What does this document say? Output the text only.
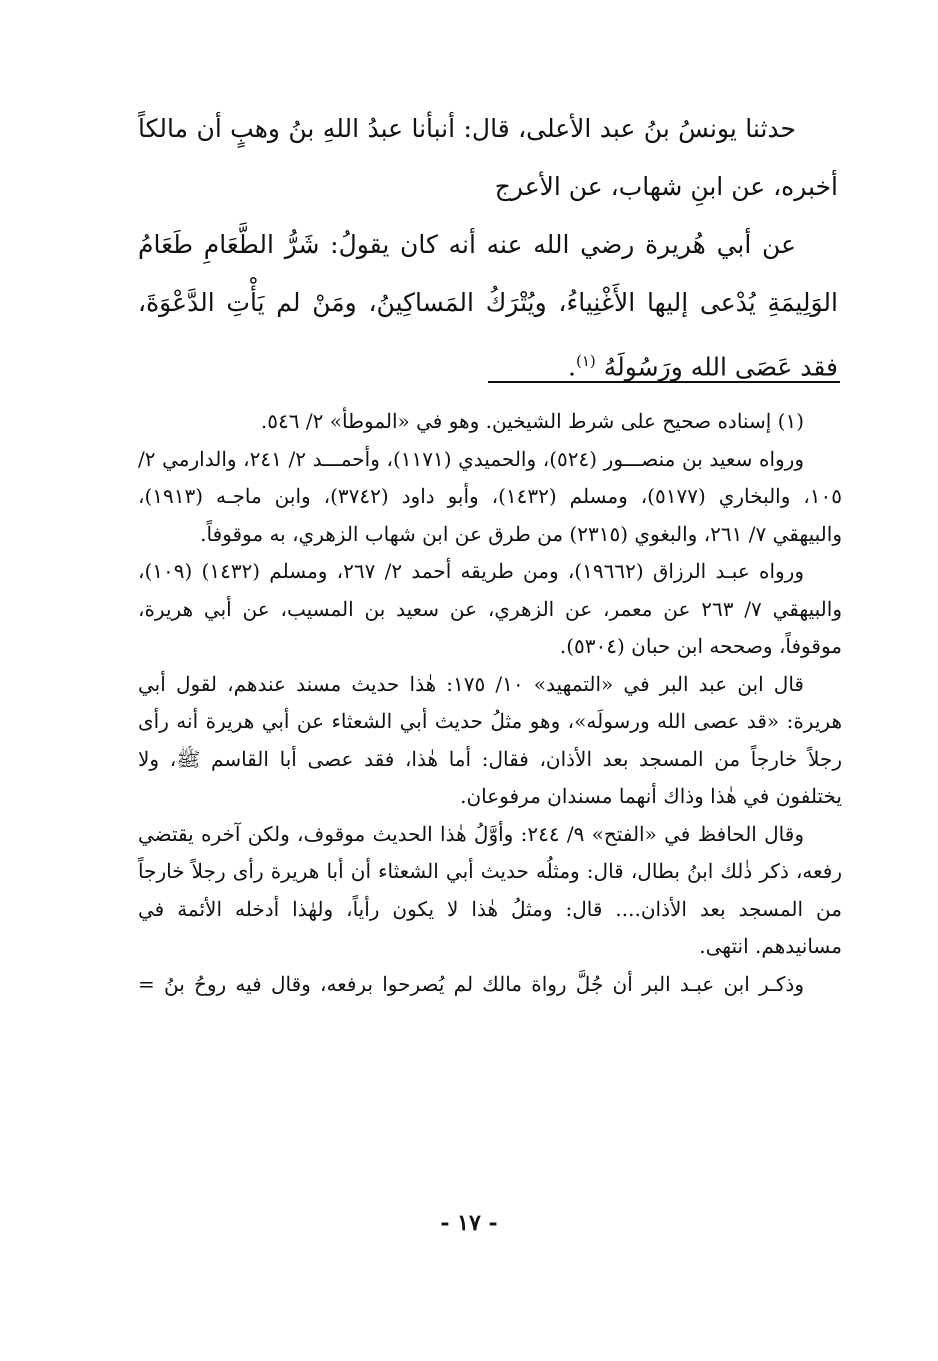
حدثنا يونسُ بنُ عبد الأعلى، قال: أنبأنا عبدُ اللهِ بنُ وهبٍ أن مالكاً أخبره، عن ابنِ شهاب، عن الأعرج

عن أبي هُريرة رضي الله عنه أنه كان يقولُ: شَرُّ الطَّعَامِ طَعَامُ الوَلِيمَةِ يُدْعى إليها الأَغْنِياءُ، ويُتْرَكُ المَساكِينُ، ومَنْ لم يَأْتِ الدَّعْوَةَ، فقد عَصَى الله ورَسُولَهُ $^{(١)}$.

(١) إسناده صحيح على شرط الشيخين. وهو في «الموطأ» ٢/ ٥٤٦.

ورواه سعيد بن منصـــور (٥٢٤)، والحميدي (١١٧١)، وأحمـــد ٢/ ٢٤١، والدارمي ٢/ ١٠٥، والبخاري (٥١٧٧)، ومسلم (١٤٣٢)، وأبو داود (٣٧٤٢)، وابن ماجـه (١٩١٣)، والبيهقي ٧/ ٢٦١، والبغوي (٢٣١٥) من طرق عن ابن شهاب الزهري، به موقوفاً.

ورواه عبـد الرزاق (١٩٦٦٢)، ومن طريقه أحمد ٢/ ٢٦٧، ومسلم (١٤٣٢) (١٠٩)، والبيهقي ٧/ ٢٦٣ عن معمر، عن الزهري، عن سعيد بن المسيب، عن أبي هريرة، موقوفاً، وصححه ابن حبان (٥٣٠٤).

قال ابن عبد البر في «التمهيد» ١٠/ ١٧٥: هٰذا حديث مسند عندهم، لقول أبي هريرة: «قد عصى الله ورسولَه»، وهو مثلُ حديث أبي الشعثاء عن أبي هريرة أنه رأى رجلاً خارجاً من المسجد بعد الأذان، فقال: أما هٰذا، فقد عصى أبا القاسم ﷺ، ولا يختلفون في هٰذا وذاك أنهما مسندان مرفوعان.

وقال الحافظ في «الفتح» ٩/ ٢٤٤: وأوَّلُ هٰذا الحديث موقوف، ولكن آخره يقتضي رفعه، ذكر ذٰلك ابنُ بطال، قال: ومثلُه حديث أبي الشعثاء أن أبا هريرة رأى رجلاً خارجاً من المسجد بعد الأذان.... قال: ومثلُ هٰذا لا يكون رأياً، ولهٰذا أدخله الأئمة في مسانيدهم. انتهى.

وذكـر ابن عبـد البر أن جُلَّ رواة مالك لم يُصرحوا برفعه، وقال فيه روحُ بنُ =

- ١٧ -
